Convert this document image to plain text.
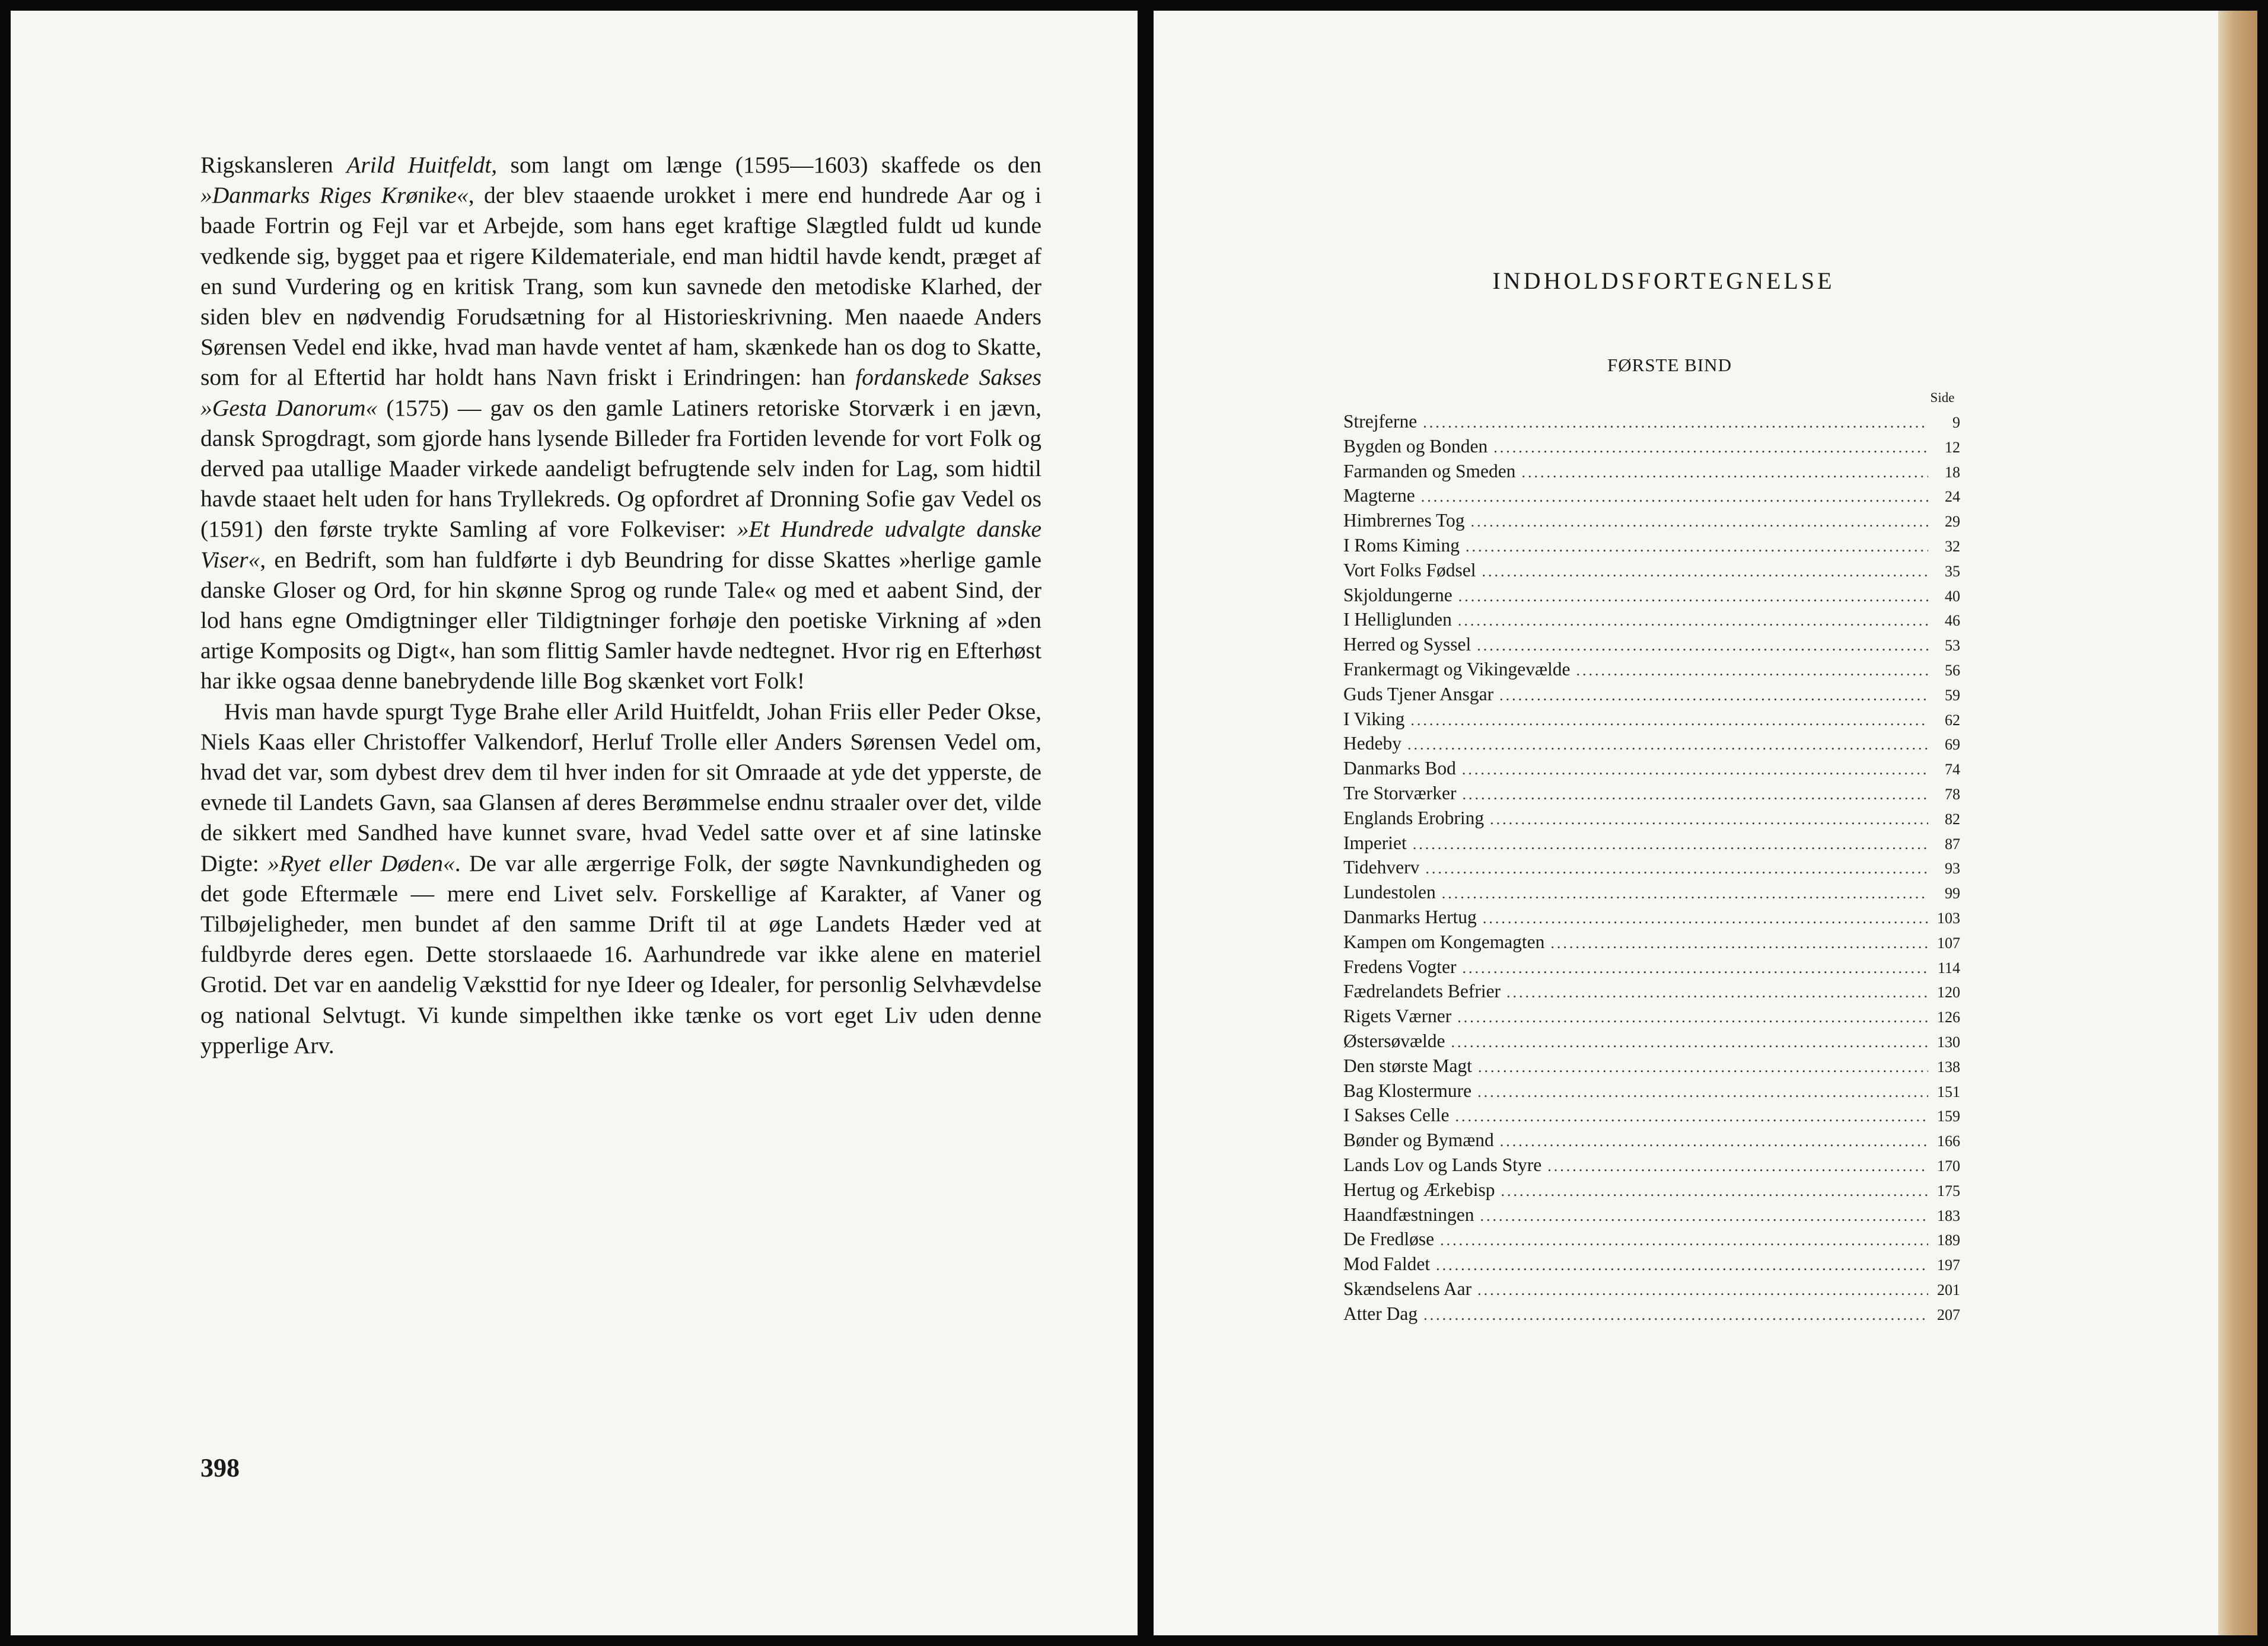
Rigskansleren Arild Huitfeldt, som langt om længe (1595—1603) skaffede os den »Danmarks Riges Krønike«, der blev staaende urokket i mere end hundrede Aar og i baade Fortrin og Fejl var et Arbejde, som hans eget kraftige Slægtled fuldt ud kunde vedkende sig, bygget paa et rigere Kildemateriale, end man hidtil havde kendt, præget af en sund Vurdering og en kritisk Trang, som kun savnede den metodiske Klarhed, der siden blev en nødvendig Forudsætning for al Historieskrivning. Men naaede Anders Sørensen Vedel end ikke, hvad man havde ventet af ham, skænkede han os dog to Skatte, som for al Eftertid har holdt hans Navn friskt i Erindringen: han fordanskede Sakses »Gesta Danorum« (1575) — gav os den gamle Latiners retoriske Storværk i en jævn, dansk Sprogdragt, som gjorde hans lysende Billeder fra Fortiden levende for vort Folk og derved paa utallige Maader virkede aandeligt befrugtende selv inden for Lag, som hidtil havde staaet helt uden for hans Tryllekreds. Og opfordret af Dronning Sofie gav Vedel os (1591) den første trykte Samling af vore Folkeviser: »Et Hundrede udvalgte danske Viser«, en Bedrift, som han fuldførte i dyb Beundring for disse Skattes »herlige gamle danske Gloser og Ord, for hin skønne Sprog og runde Tale« og med et aabent Sind, der lod hans egne Omdigtninger eller Tildigtninger forhøje den poetiske Virkning af »den artige Komposits og Digt«, han som flittig Samler havde nedtegnet. Hvor rig en Efterhøst har ikke ogsaa denne banebrydende lille Bog skænket vort Folk!

Hvis man havde spurgt Tyge Brahe eller Arild Huitfeldt, Johan Friis eller Peder Okse, Niels Kaas eller Christoffer Valkendorf, Herluf Trolle eller Anders Sørensen Vedel om, hvad det var, som dybest drev dem til hver inden for sit Omraade at yde det ypperste, de evnede til Landets Gavn, saa Glansen af deres Berømmelse endnu straaler over det, vilde de sikkert med Sandhed have kunnet svare, hvad Vedel satte over et af sine latinske Digte: »Ryet eller Døden«. De var alle ærgerrige Folk, der søgte Navnkundigheden og det gode Eftermæle — mere end Livet selv. Forskellige af Karakter, af Vaner og Tilbøjeligheder, men bundet af den samme Drift til at øge Landets Hæder ved at fuldbyrde deres egen. Dette storslaaede 16. Aarhundrede var ikke alene en materiel Grotid. Det var en aandelig Væksttid for nye Ideer og Idealer, for personlig Selvhævdelse og national Selvtugt. Vi kunde simpelthen ikke tænke os vort eget Liv uden denne ypperlige Arv.

398
INDHOLDSFORTEGNELSE
FØRSTE BIND
Side
Strejferne .....	9
Bygden og Bonden .....	12
Farmanden og Smeden .....	18
Magterne .....	24
Himbrernes Tog .....	29
I Roms Kiming .....	32
Vort Folks Fødsel .....	35
Skjoldungerne .....	40
I Helliglunden .....	46
Herred og Syssel .....	53
Frankermagt og Vikingevælde .....	56
Guds Tjener Ansgar .....	59
I Viking .....	62
Hedeby .....	69
Danmarks Bod .....	74
Tre Storværker .....	78
Englands Erobring .....	82
Imperiet .....	87
Tidehverv .....	93
Lundestolen .....	99
Danmarks Hertug .....	103
Kampen om Kongemagten .....	107
Fredens Vogter .....	114
Fædrelandets Befrier .....	120
Rigets Værner .....	126
Østersøvælde .....	130
Den største Magt .....	138
Bag Klostermure .....	151
I Sakses Celle .....	159
Bønder og Bymænd .....	166
Lands Lov og Lands Styre .....	170
Hertug og Ærkebisp .....	175
Haandfæstningen .....	183
De Fredløse .....	189
Mod Faldet .....	197
Skændselens Aar .....	201
Atter Dag .....	207
